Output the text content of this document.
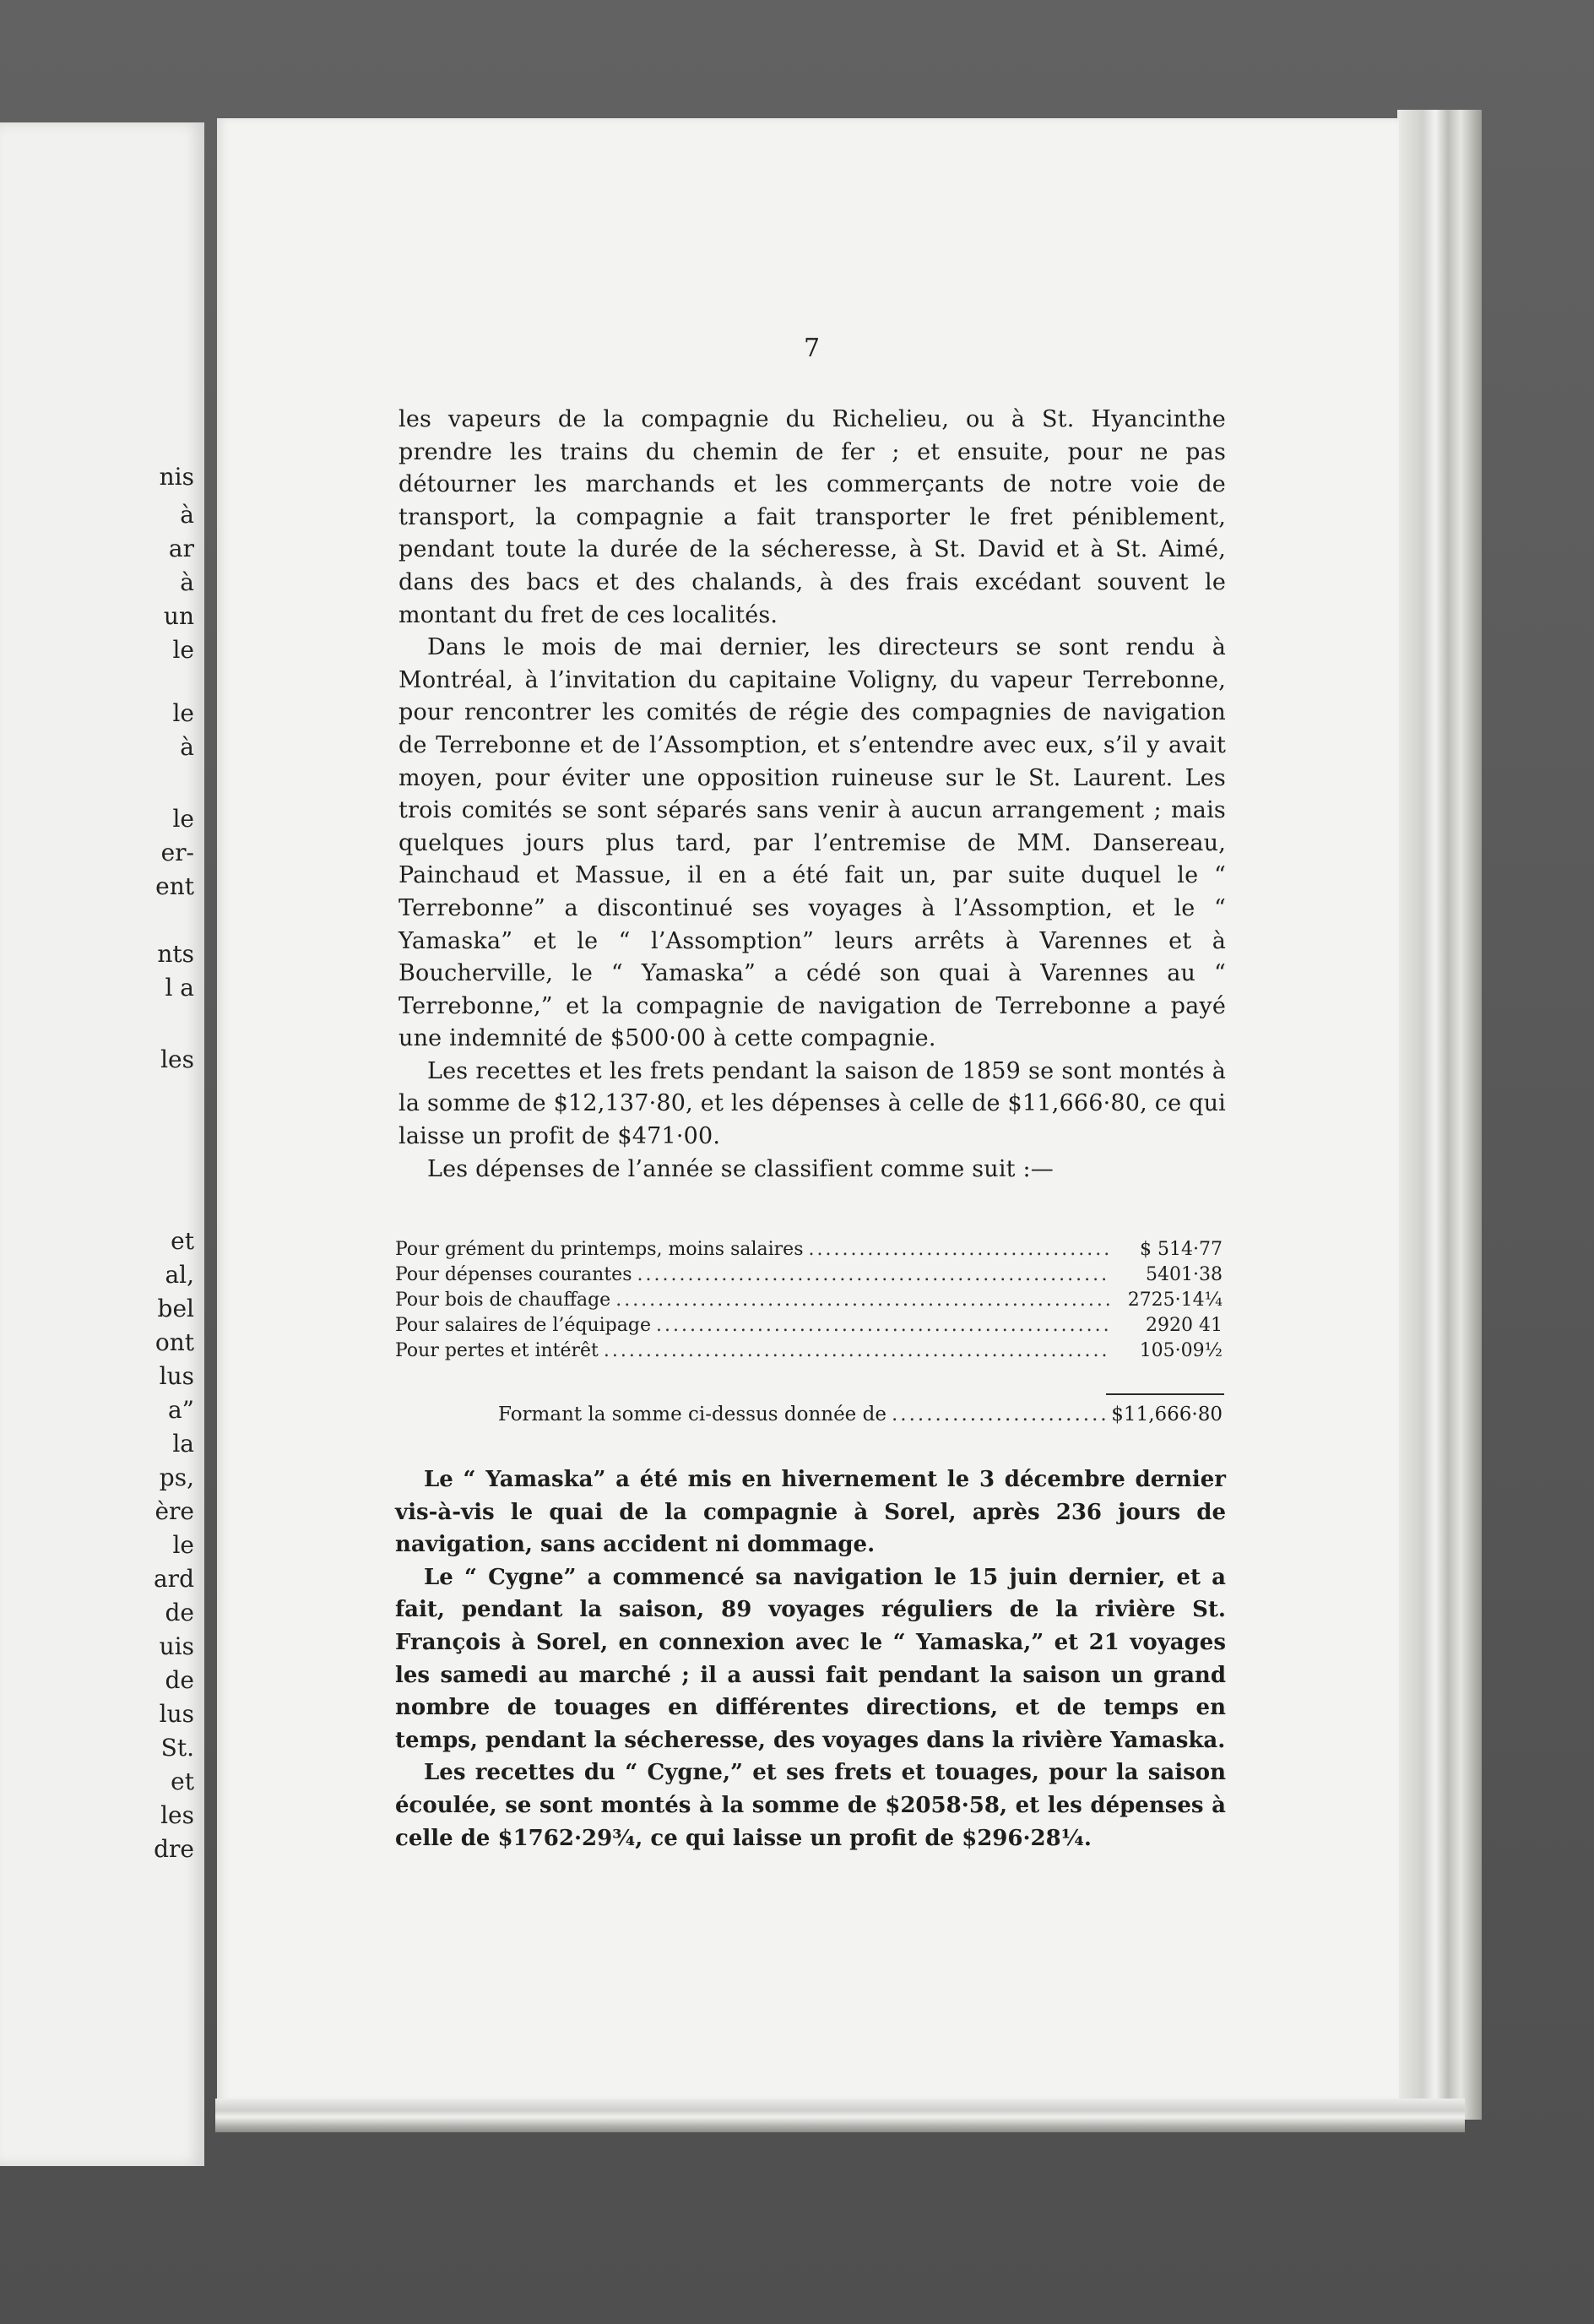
nis
à
ar
à
un
le
le
à
le
er-
ent
nts
l a
les
et
al,
bel
ont
lus
a”
la
ps,
ère
le
ard
de
uis
de
lus
St.
et
les
dre
7

les vapeurs de la compagnie du Richelieu, ou à St. Hyancinthe prendre les trains du chemin de fer ; et ensuite, pour ne pas détourner les marchands et les commerçants de notre voie de transport, la compagnie a fait transporter le fret péniblement, pendant toute la durée de la sécheresse, à St. David et à St. Aimé, dans des bacs et des chalands, à des frais excédant souvent le montant du fret de ces localités.

Dans le mois de mai dernier, les directeurs se sont rendu à Montréal, à l’invitation du capitaine Voligny, du vapeur Terrebonne, pour rencontrer les comités de régie des compagnies de navigation de Terrebonne et de l’Assomption, et s’entendre avec eux, s’il y avait moyen, pour éviter une opposition ruineuse sur le St. Laurent. Les trois comités se sont séparés sans venir à aucun arrangement ; mais quelques jours plus tard, par l’entremise de MM. Dansereau, Painchaud et Massue, il en a été fait un, par suite duquel le “ Terrebonne” a discontinué ses voyages à l’Assomption, et le “ Yamaska” et le “ l’Assomption” leurs arrêts à Varennes et à Boucherville, le “ Yamaska” a cédé son quai à Varennes au “ Terrebonne,” et la compagnie de navigation de Terrebonne a payé une indemnité de $500·00 à cette compagnie.

Les recettes et les frets pendant la saison de 1859 se sont montés à la somme de $12,137·80, et les dépenses à celle de $11,666·80, ce qui laisse un profit de $471·00.

Les dépenses de l’année se classifient comme suit :—

Pour grément du printemps, moins salaires .....	$ 514·77
Pour dépenses courantes .....	5401·38
Pour bois de chauffage .....	2725·14¼
Pour salaires de l’équipage .....	2920 41
Pour pertes et intérêt .....	105·09½
Formant la somme ci-dessus donnée de .....	$11,666·80

Le “ Yamaska” a été mis en hivernement le 3 décembre dernier vis-à-vis le quai de la compagnie à Sorel, après 236 jours de navigation, sans accident ni dommage.

Le “ Cygne” a commencé sa navigation le 15 juin dernier, et a fait, pendant la saison, 89 voyages réguliers de la rivière St. François à Sorel, en connexion avec le “ Yamaska,” et 21 voyages les samedi au marché ; il a aussi fait pendant la saison un grand nombre de touages en différentes directions, et de temps en temps, pendant la sécheresse, des voyages dans la rivière Yamaska.

Les recettes du “ Cygne,” et ses frets et touages, pour la saison écoulée, se sont montés à la somme de $2058·58, et les dépenses à celle de $1762·29¾, ce qui laisse un profit de $296·28¼.
